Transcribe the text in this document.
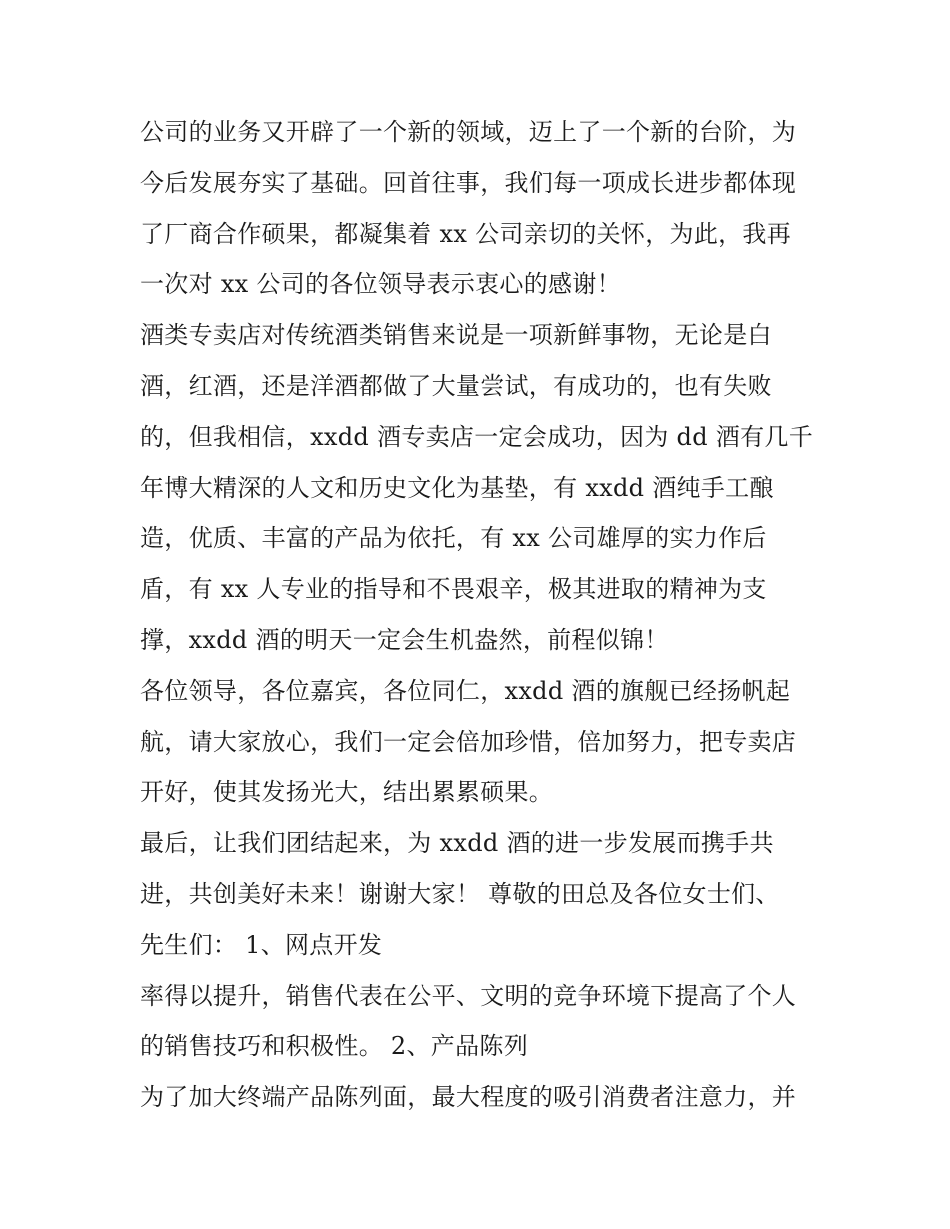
公司的业务又开辟了一个新的领域，迈上了一个新的台阶，为
今后发展夯实了基础。回首往事，我们每一项成长进步都体现
了厂商合作硕果，都凝集着 xx 公司亲切的关怀，为此，我再
一次对 xx 公司的各位领导表示衷心的感谢！
酒类专卖店对传统酒类销售来说是一项新鲜事物，无论是白
酒，红酒，还是洋酒都做了大量尝试，有成功的，也有失败
的，但我相信，xxdd 酒专卖店一定会成功，因为 dd 酒有几千
年博大精深的人文和历史文化为基垫，有 xxdd 酒纯手工酿
造，优质、丰富的产品为依托，有 xx 公司雄厚的实力作后
盾，有 xx 人专业的指导和不畏艰辛，极其进取的精神为支
撑，xxdd 酒的明天一定会生机盎然，前程似锦！
各位领导，各位嘉宾，各位同仁，xxdd 酒的旗舰已经扬帆起
航，请大家放心，我们一定会倍加珍惜，倍加努力，把专卖店
开好，使其发扬光大，结出累累硕果。
最后，让我们团结起来，为 xxdd 酒的进一步发展而携手共
进，共创美好未来！谢谢大家！ 尊敬的田总及各位女士们、
先生们： 1、网点开发
率得以提升，销售代表在公平、文明的竞争环境下提高了个人
的销售技巧和积极性。 2、产品陈列
为了加大终端产品陈列面，最大程度的吸引消费者注意力，并
